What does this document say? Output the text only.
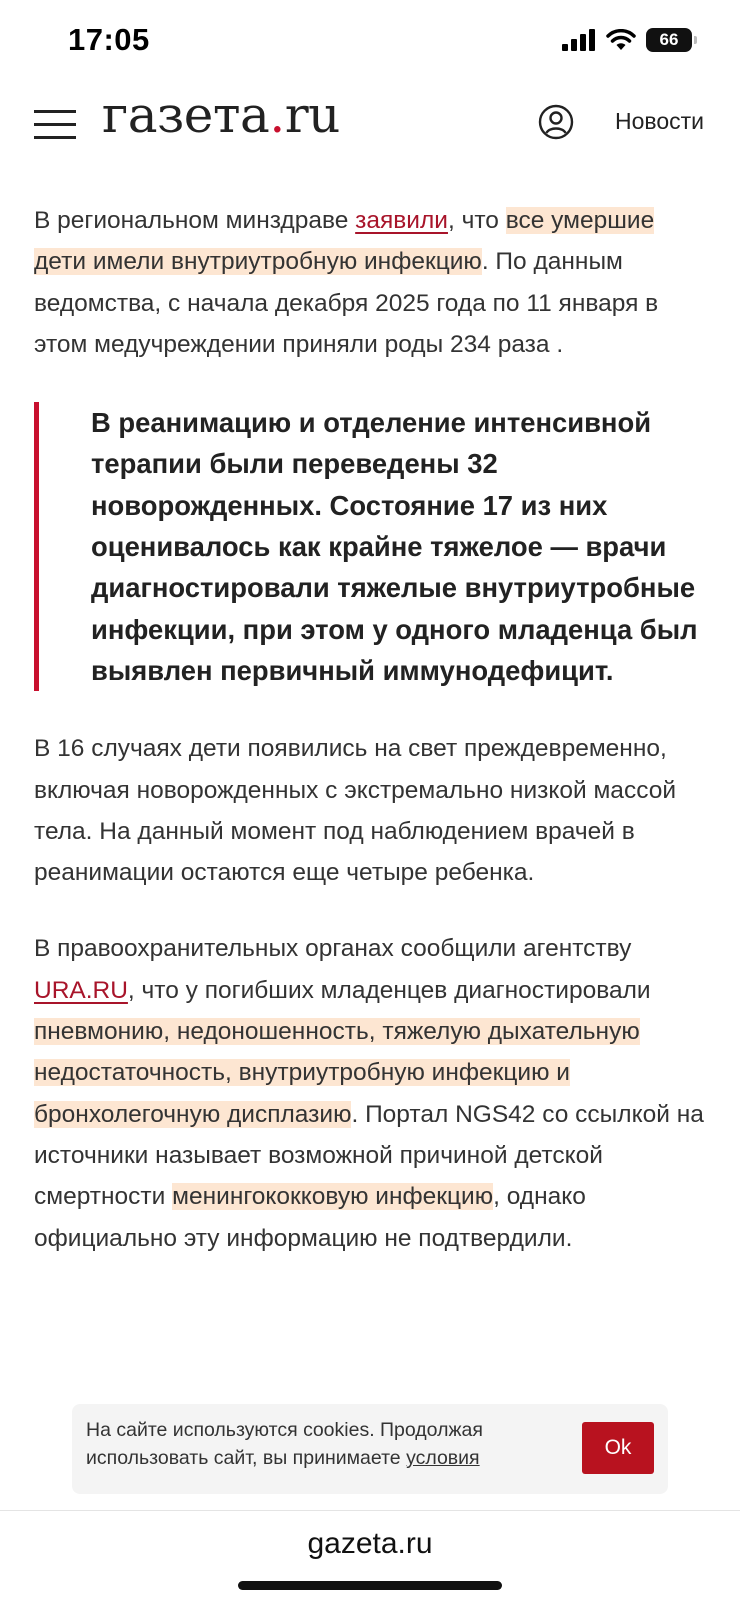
17:05	66
газета.ru	Новости

В региональном минздраве заявили, что все умершие дети имели внутриутробную инфекцию. По данным ведомства, с начала декабря 2025 года по 11 января в этом медучреждении приняли роды 234 раза .

В реанимацию и отделение интенсивной терапии были переведены 32 новорожденных. Состояние 17 из них оценивалось как крайне тяжелое — врачи диагностировали тяжелые внутриутробные инфекции, при этом у одного младенца был выявлен первичный иммунодефицит.

В 16 случаях дети появились на свет преждевременно, включая новорожденных с экстремально низкой массой тела. На данный момент под наблюдением врачей в реанимации остаются еще четыре ребенка.

В правоохранительных органах сообщили агентству URA.RU, что у погибших младенцев диагностировали пневмонию, недоношенность, тяжелую дыхательную недостаточность, внутриутробную инфекцию и бронхолегочную дисплазию. Портал NGS42 со ссылкой на источники называет возможной причиной детской смертности менингококковую инфекцию, однако официально эту информацию не подтвердили.

На сайте используются cookies. Продолжая использовать сайт, вы принимаете условия	Ok
gazeta.ru
